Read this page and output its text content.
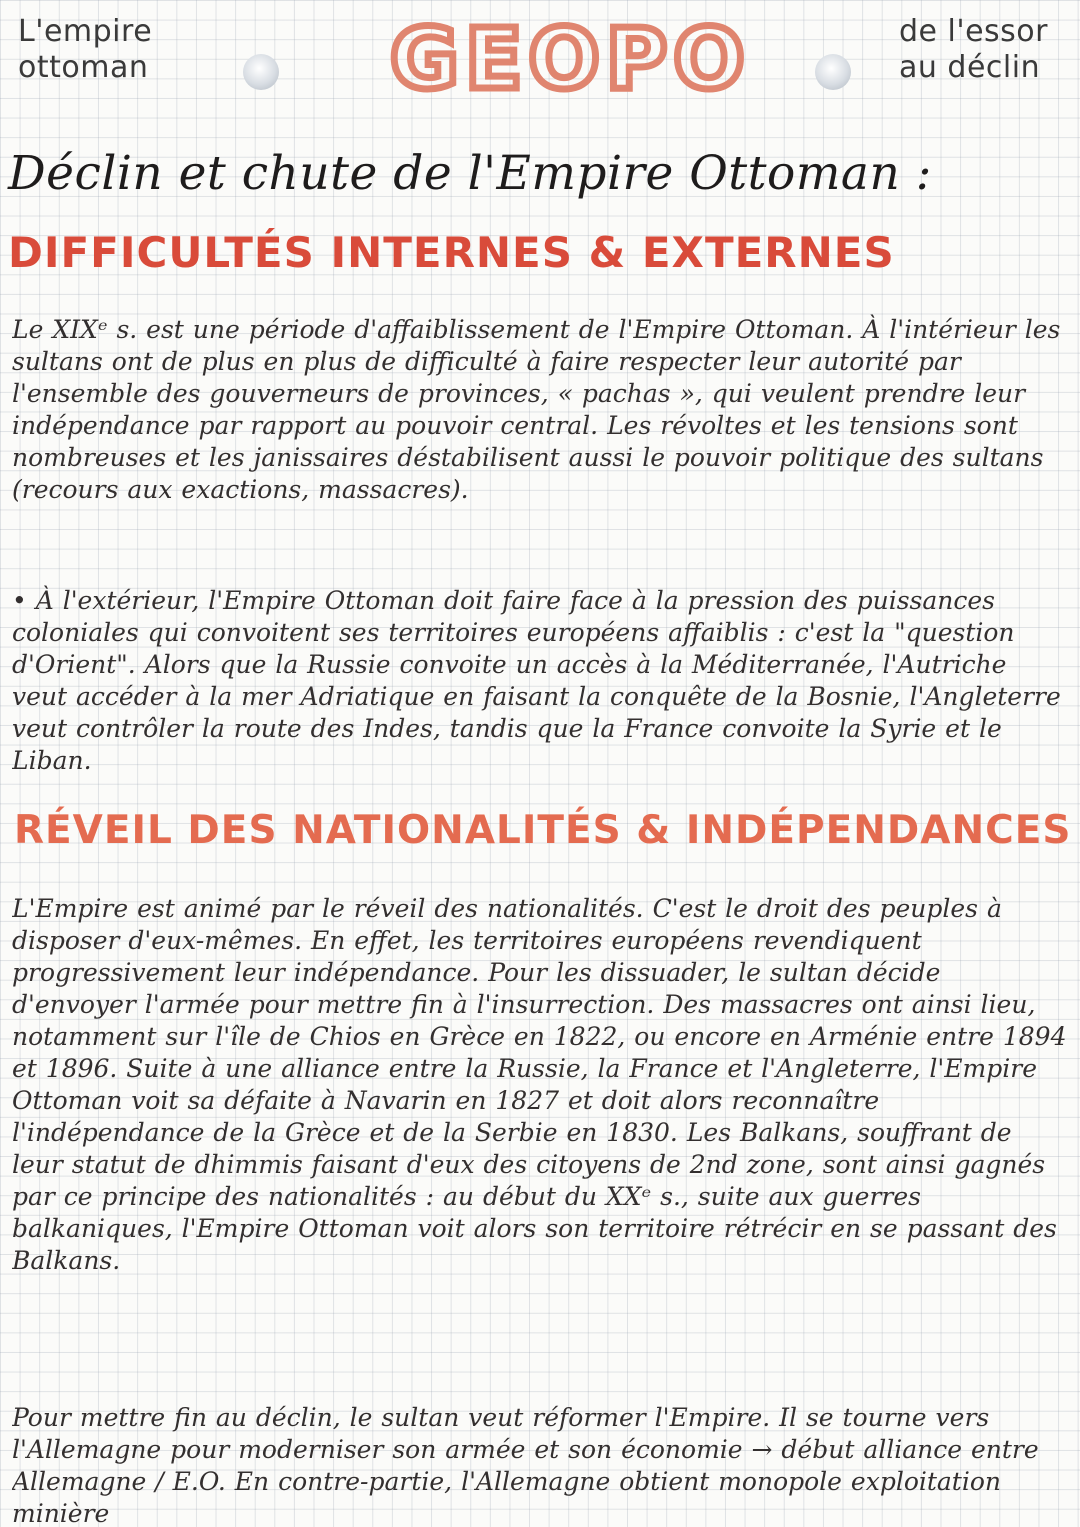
L'empire
ottoman	GEOPO	de l'essor
au déclin
Déclin et chute de l'Empire Ottoman :
DIFFICULTÉS INTERNES & EXTERNES

Le XIXᵉ s. est une période d'affaiblissement de l'Empire Ottoman. À l'intérieur les sultans ont de plus en plus de difficulté à faire respecter leur autorité par l'ensemble des gouverneurs de provinces, « pachas », qui veulent prendre leur indépendance par rapport au pouvoir central. Les révoltes et les tensions sont nombreuses et les janissaires déstabilisent aussi le pouvoir politique des sultans (recours aux exactions, massacres).

• À l'extérieur, l'Empire Ottoman doit faire face à la pression des puissances coloniales qui convoitent ses territoires européens affaiblis : c'est la "question d'Orient". Alors que la Russie convoite un accès à la Méditerranée, l'Autriche veut accéder à la mer Adriatique en faisant la conquête de la Bosnie, l'Angleterre veut contrôler la route des Indes, tandis que la France convoite la Syrie et le Liban.

RÉVEIL DES NATIONALITÉS & INDÉPENDANCES

L'Empire est animé par le réveil des nationalités. C'est le droit des peuples à disposer d'eux-mêmes. En effet, les territoires européens revendiquent progressivement leur indépendance. Pour les dissuader, le sultan décide d'envoyer l'armée pour mettre fin à l'insurrection. Des massacres ont ainsi lieu, notamment sur l'île de Chios en Grèce en 1822, ou encore en Arménie entre 1894 et 1896. Suite à une alliance entre la Russie, la France et l'Angleterre, l'Empire Ottoman voit sa défaite à Navarin en 1827 et doit alors reconnaître l'indépendance de la Grèce et de la Serbie en 1830. Les Balkans, souffrant de leur statut de dhimmis faisant d'eux des citoyens de 2nd zone, sont ainsi gagnés par ce principe des nationalités : au début du XXᵉ s., suite aux guerres balkaniques, l'Empire Ottoman voit alors son territoire rétrécir en se passant des Balkans.

Pour mettre fin au déclin, le sultan veut réformer l'Empire. Il se tourne vers l'Allemagne pour moderniser son armée et son économie → début alliance entre Allemagne / E.O. En contre-partie, l'Allemagne obtient monopole exploitation minière
